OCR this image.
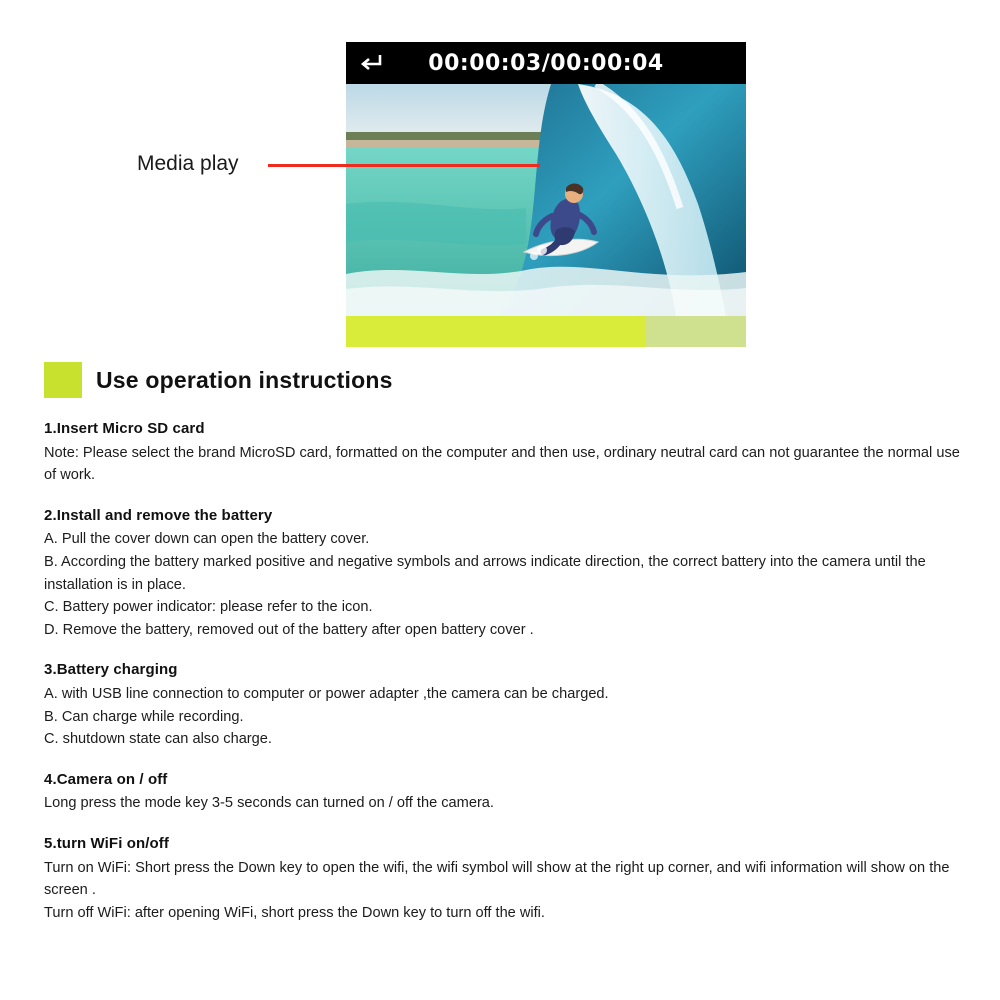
00:00:03/00:00:04
Media play
Use operation instructions
1.Insert Micro SD card
Note: Please select the brand MicroSD card, formatted on the computer and then use, ordinary neutral card can not guarantee the normal use of work.
2.Install and remove the battery
A. Pull the cover down can open the battery cover.
B. According the battery marked positive and negative symbols and arrows indicate direction, the correct battery into the camera until the installation is in place.
C. Battery power indicator: please refer to the icon.
D. Remove the battery, removed out of the battery after open battery cover .
3.Battery charging
A. with USB line connection to computer or power adapter ,the camera can be charged.
B. Can charge while recording.
C. shutdown state can also charge.
4.Camera on / off
Long press the mode key 3-5 seconds can turned on / off the camera.
5.turn WiFi on/off
Turn on WiFi: Short press the Down key to open the wifi, the wifi symbol will show at the right up corner, and wifi information will show on the screen .
Turn off WiFi: after opening WiFi, short press the Down key to turn off the wifi.
